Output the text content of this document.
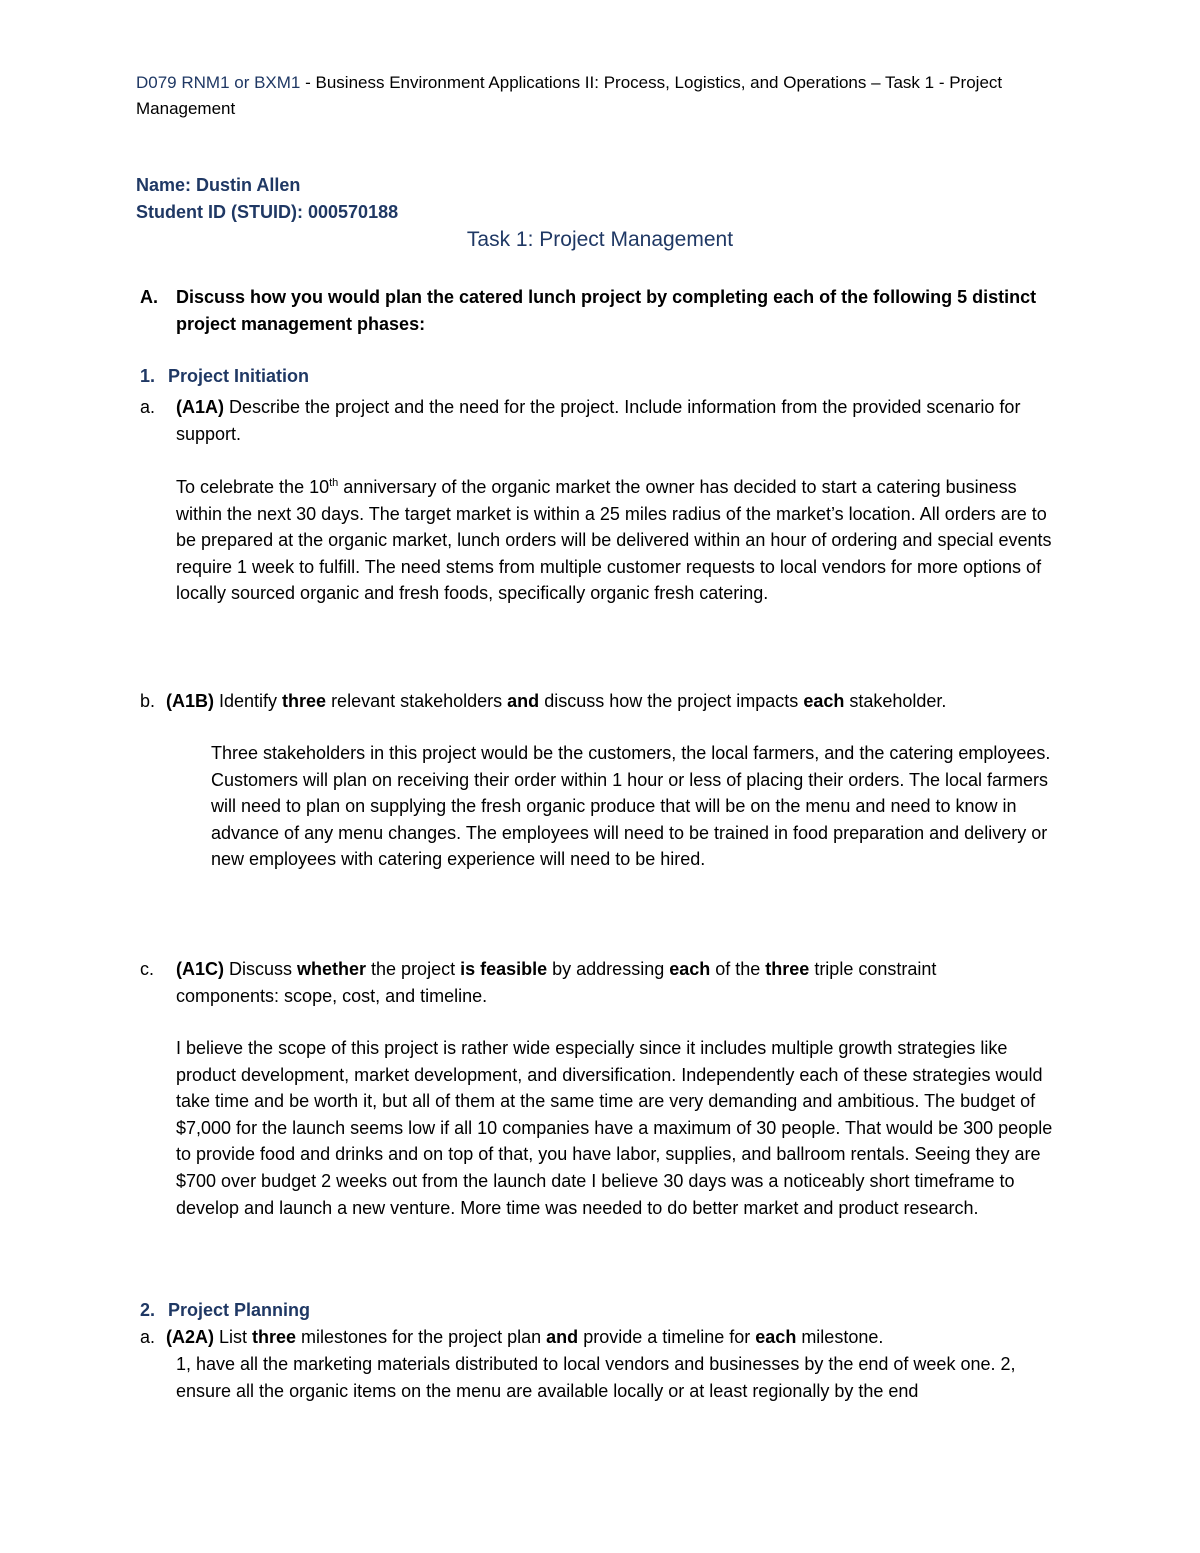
D079 RNM1 or BXM1 - Business Environment Applications II: Process, Logistics, and Operations – Task 1 - Project Management

Name: Dustin Allen
Student ID (STUID): 000570188
Task 1: Project Management
A. Discuss how you would plan the catered lunch project by completing each of the following 5 distinct project management phases:
1. Project Initiation
a. (A1A) Describe the project and the need for the project. Include information from the provided scenario for support.

To celebrate the 10th anniversary of the organic market the owner has decided to start a catering business within the next 30 days. The target market is within a 25 miles radius of the market’s location. All orders are to be prepared at the organic market, lunch orders will be delivered within an hour of ordering and special events require 1 week to fulfill. The need stems from multiple customer requests to local vendors for more options of locally sourced organic and fresh foods, specifically organic fresh catering.

b. (A1B) Identify three relevant stakeholders and discuss how the project impacts each stakeholder.

Three stakeholders in this project would be the customers, the local farmers, and the catering employees. Customers will plan on receiving their order within 1 hour or less of placing their orders. The local farmers will need to plan on supplying the fresh organic produce that will be on the menu and need to know in advance of any menu changes. The employees will need to be trained in food preparation and delivery or new employees with catering experience will need to be hired.

c. (A1C) Discuss whether the project is feasible by addressing each of the three triple constraint components: scope, cost, and timeline.

I believe the scope of this project is rather wide especially since it includes multiple growth strategies like product development, market development, and diversification. Independently each of these strategies would take time and be worth it, but all of them at the same time are very demanding and ambitious. The budget of $7,000 for the launch seems low if all 10 companies have a maximum of 30 people. That would be 300 people to provide food and drinks and on top of that, you have labor, supplies, and ballroom rentals. Seeing they are $700 over budget 2 weeks out from the launch date I believe 30 days was a noticeably short timeframe to develop and launch a new venture. More time was needed to do better market and product research.

2. Project Planning
a. (A2A) List three milestones for the project plan and provide a timeline for each milestone.

1, have all the marketing materials distributed to local vendors and businesses by the end of week one. 2, ensure all the organic items on the menu are available locally or at least regionally by the end
